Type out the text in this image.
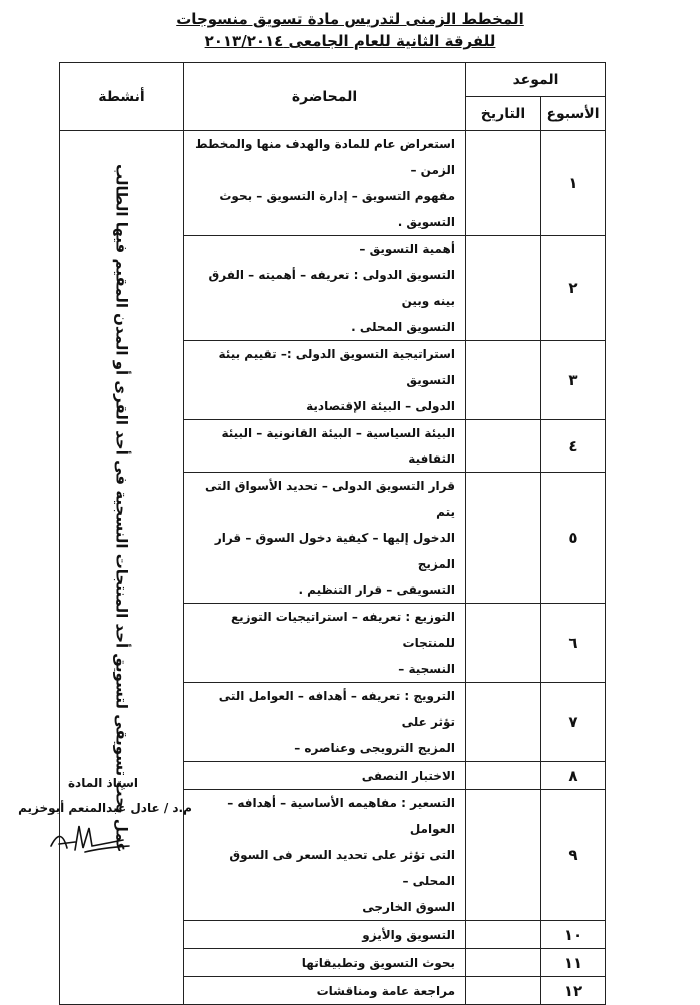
المخطط الزمنى لتدريس مادة تسويق منسوجات
للفرقة الثانية للعام الجامعى ٢٠١٣/٢٠١٤
الموعد		المحاضرة	أنشطة
الأسبوع	التاريخ		
١		استعراض عام للمادة والهدف منها والمخطط الزمن –
مفهوم التسويق – إدارة التسويق – بحوث التسويق .	عمل بحث تسويقى لتسويق أحد المنتجات النسجية فى أحد القرى أو المدن المقيم فيها الطالب

٢		أهمية التسويق –
التسويق الدولى : تعريفه – أهميته – الفرق بينه وبين
التسويق المحلى .	

٣		استراتيجية التسويق الدولى :– تقييم بيئة التسويق
الدولى – البيئة الإقتصادية	

٤		البيئة السياسية – البيئة القانونية – البيئة الثقافية	

٥		قرار التسويق الدولى – تحديد الأسواق التى يتم
الدخول إليها – كيفية دخول السوق – قرار المزيج
التسويقى – قرار التنظيم .	

٦		التوزيع : تعريفه – استراتيجيات التوزيع للمنتجات
النسجية –	

٧		الترويج : تعريفه – أهدافه – العوامل التى تؤثر على
المزيج الترويجى وعناصره –	

٨		الاختبار النصفى	

٩		التسعير : مفاهيمه الأساسية – أهدافه – العوامل
التى تؤثر على تحديد السعر فى السوق المحلى –
السوق الخارجى	

١٠		التسويق والأيزو	

١١		بحوث التسويق وتطبيقاتها	

١٢		مراجعة عامة ومناقشات	
استاذ المادة
م.د / عادل عبدالمنعم أبوخزيم
